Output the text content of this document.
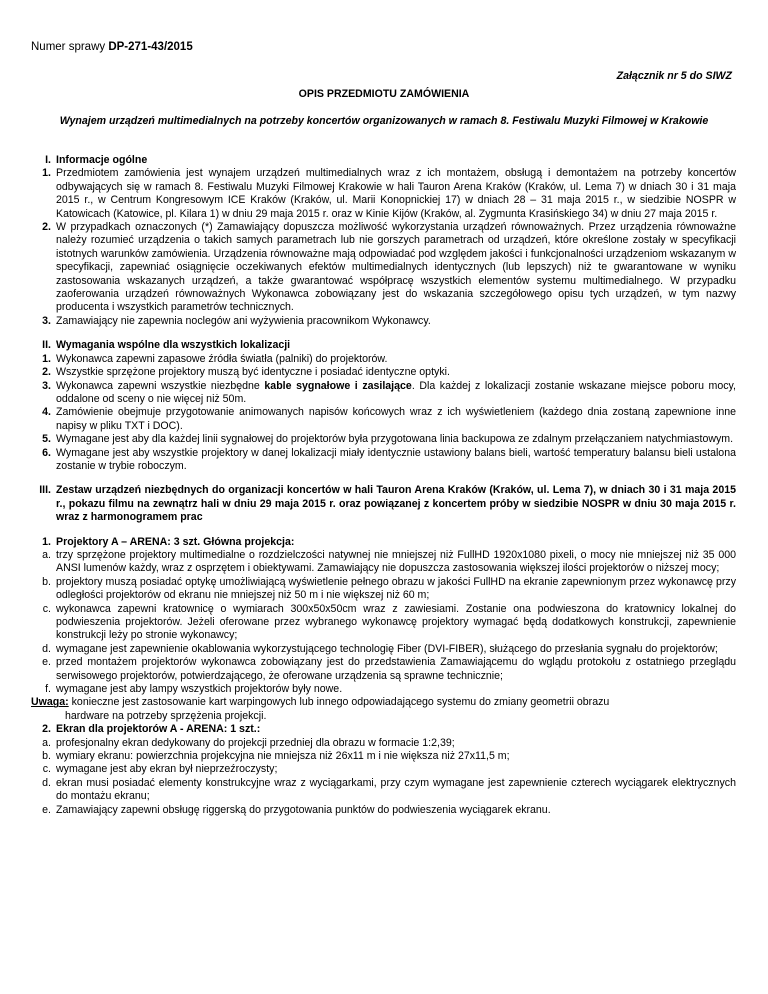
Numer sprawy DP-271-43/2015
Załącznik nr 5 do SIWZ
OPIS PRZEDMIOTU ZAMÓWIENIA
Wynajem urządzeń multimedialnych na potrzeby koncertów organizowanych w ramach 8. Festiwalu Muzyki Filmowej w Krakowie
I. Informacje ogólne
1. Przedmiotem zamówienia jest wynajem urządzeń multimedialnych wraz z ich montażem, obsługą i demontażem na potrzeby koncertów odbywających się w ramach 8. Festiwalu Muzyki Filmowej Krakowie w hali Tauron Arena Kraków (Kraków, ul. Lema 7) w dniach 30 i 31 maja 2015 r., w Centrum Kongresowym ICE Kraków (Kraków, ul. Marii Konopnickiej 17) w dniach 28 – 31 maja 2015 r., w siedzibie NOSPR w Katowicach (Katowice, pl. Kilara 1) w dniu 29 maja 2015 r. oraz w Kinie Kijów (Kraków, al. Zygmunta Krasińskiego 34) w dniu 27 maja 2015 r.
2. W przypadkach oznaczonych (*) Zamawiający dopuszcza możliwość wykorzystania urządzeń równoważnych. Przez urządzenia równoważne należy rozumieć urządzenia o takich samych parametrach lub nie gorszych parametrach od urządzeń, które określone zostały w specyfikacji istotnych warunków zamówienia. Urządzenia równoważne mają odpowiadać pod względem jakości i funkcjonalności urządzeniom wskazanym w specyfikacji, zapewniać osiągnięcie oczekiwanych efektów multimedialnych identycznych (lub lepszych) niż te gwarantowane w wyniku zastosowania wskazanych urządzeń, a także gwarantować współpracę wszystkich elementów systemu multimedialnego. W przypadku zaoferowania urządzeń równoważnych Wykonawca zobowiązany jest do wskazania szczegółowego opisu tych urządzeń, w tym nazwy producenta i wszystkich parametrów technicznych.
3. Zamawiający nie zapewnia noclegów ani wyżywienia pracownikom Wykonawcy.
II. Wymagania wspólne dla wszystkich lokalizacji
1. Wykonawca zapewni zapasowe źródła światła (palniki) do projektorów.
2. Wszystkie sprzężone projektory muszą być identyczne i posiadać identyczne optyki.
3. Wykonawca zapewni wszystkie niezbędne kable sygnałowe i zasilające. Dla każdej z lokalizacji zostanie wskazane miejsce poboru mocy, oddalone od sceny o nie więcej niż 50m.
4. Zamówienie obejmuje przygotowanie animowanych napisów końcowych wraz z ich wyświetleniem (każdego dnia zostaną zapewnione inne napisy w pliku TXT i DOC).
5. Wymagane jest aby dla każdej linii sygnałowej do projektorów była przygotowana linia backupowa ze zdalnym przełączaniem natychmiastowym.
6. Wymagane jest aby wszystkie projektory w danej lokalizacji miały identycznie ustawiony balans bieli, wartość temperatury balansu bieli ustalona zostanie w trybie roboczym.
III. Zestaw urządzeń niezbędnych do organizacji koncertów w hali Tauron Arena Kraków (Kraków, ul. Lema 7), w dniach 30 i 31 maja 2015 r., pokazu filmu na zewnątrz hali w dniu 29 maja 2015 r. oraz powiązanej z koncertem próby w siedzibie NOSPR w dniu 30 maja 2015 r. wraz z harmonogramem prac
1. Projektory A – ARENA: 3 szt. Główna projekcja:
a. trzy sprzężone projektory multimedialne o rozdzielczości natywnej nie mniejszej niż FullHD 1920x1080 pixeli, o mocy nie mniejszej niż 35 000 ANSI lumenów każdy, wraz z osprzętem i obiektywami. Zamawiający nie dopuszcza zastosowania większej ilości projektorów o niższej mocy;
b. projektory muszą posiadać optykę umożliwiającą wyświetlenie pełnego obrazu w jakości FullHD na ekranie zapewnionym przez wykonawcę przy odległości projektorów od ekranu nie mniejszej niż 50 m i nie większej niż 60 m;
c. wykonawca zapewni kratownicę o wymiarach 300x50x50cm wraz z zawiesiami. Zostanie ona podwieszona do kratownicy lokalnej do podwieszenia projektorów. Jeżeli oferowane przez wybranego wykonawcę projektory wymagać będą dodatkowych konstrukcji, zapewnienie konstrukcji leży po stronie wykonawcy;
d. wymagane jest zapewnienie okablowania wykorzystującego technologię Fiber (DVI-FIBER), służącego do przesłania sygnału do projektorów;
e. przed montażem projektorów wykonawca zobowiązany jest do przedstawienia Zamawiającemu do wglądu protokołu z ostatniego przeglądu serwisowego projektorów, potwierdzającego, że oferowane urządzenia są sprawne technicznie;
f. wymagane jest aby lampy wszystkich projektorów były nowe.
Uwaga: konieczne jest zastosowanie kart warpingowych lub innego odpowiadającego systemu do zmiany geometrii obrazu
hardware na potrzeby sprzężenia projekcji.
2. Ekran dla projektorów A - ARENA: 1 szt.:
a. profesjonalny ekran dedykowany do projekcji przedniej dla obrazu w formacie 1:2,39;
b. wymiary ekranu: powierzchnia projekcyjna nie mniejsza niż 26x11 m i nie większa niż 27x11,5 m;
c. wymagane jest aby ekran był nieprzeźroczysty;
d. ekran musi posiadać elementy konstrukcyjne wraz z wyciągarkami, przy czym wymagane jest zapewnienie czterech wyciągarek elektrycznych do montażu ekranu;
e. Zamawiający zapewni obsługę riggerską do przygotowania punktów do podwieszenia wyciągarek ekranu.
